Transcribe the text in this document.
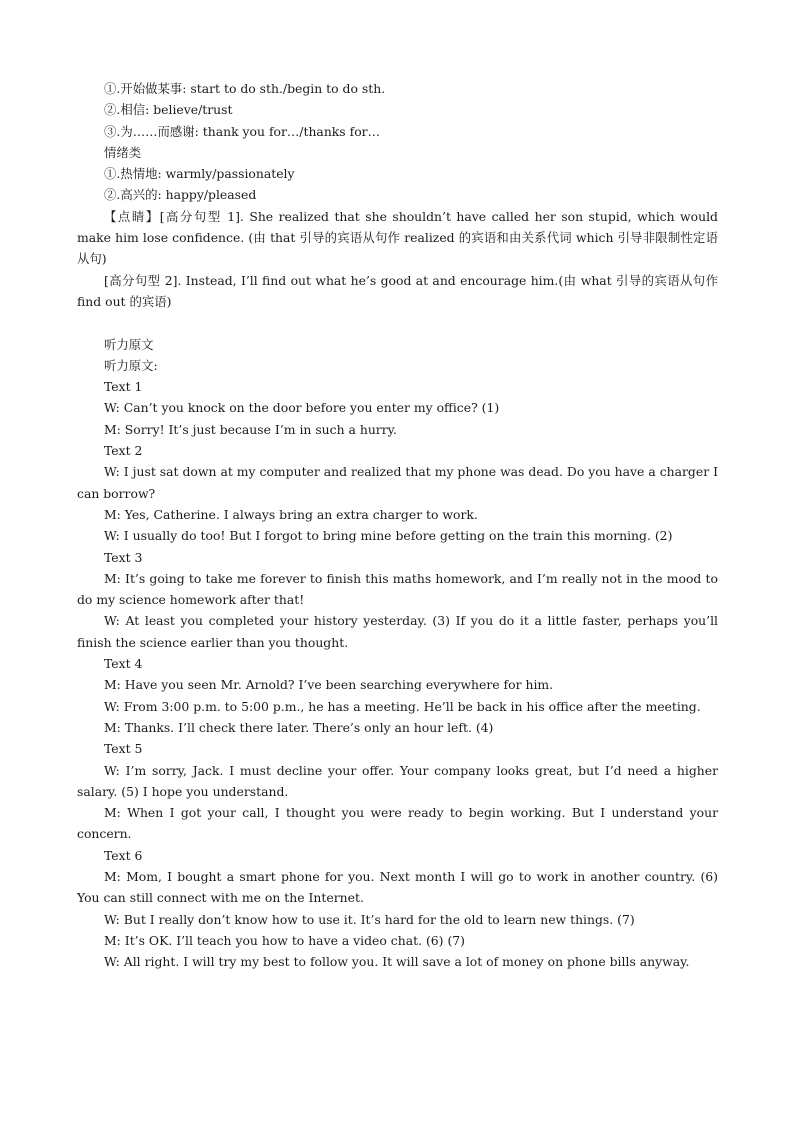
①.开始做某事: start to do sth./begin to do sth.
②.相信: believe/trust
③.为……而感谢: thank you for…/thanks for…
情绪类
①.热情地: warmly/passionately
②.高兴的: happy/pleased
【点睛】[高分句型 1]. She realized that she shouldn’t have called her son stupid, which would make him lose confidence. (由 that 引导的宾语从句作 realized 的宾语和由关系代词 which 引导非限制性定语从句)
[高分句型 2]. Instead, I’ll find out what he’s good at and encourage him.(由 what 引导的宾语从句作 find out 的宾语)
听力原文
听力原文:
Text 1
W: Can’t you knock on the door before you enter my office? (1)
M: Sorry! It’s just because I’m in such a hurry.
Text 2
W: I just sat down at my computer and realized that my phone was dead. Do you have a charger I can borrow?
M: Yes, Catherine. I always bring an extra charger to work.
W: I usually do too! But I forgot to bring mine before getting on the train this morning. (2)
Text 3
M: It’s going to take me forever to finish this maths homework, and I’m really not in the mood to do my science homework after that!
W: At least you completed your history yesterday. (3) If you do it a little faster, perhaps you’ll finish the science earlier than you thought.
Text 4
M: Have you seen Mr. Arnold? I’ve been searching everywhere for him.
W: From 3:00 p.m. to 5:00 p.m., he has a meeting. He’ll be back in his office after the meeting.
M: Thanks. I’ll check there later. There’s only an hour left. (4)
Text 5
W: I’m sorry, Jack. I must decline your offer. Your company looks great, but I’d need a higher salary. (5) I hope you understand.
M: When I got your call, I thought you were ready to begin working. But I understand your concern.
Text 6
M: Mom, I bought a smart phone for you. Next month I will go to work in another country. (6) You can still connect with me on the Internet.
W: But I really don’t know how to use it. It’s hard for the old to learn new things. (7)
M: It’s OK. I’ll teach you how to have a video chat. (6) (7)
W: All right. I will try my best to follow you. It will save a lot of money on phone bills anyway.
